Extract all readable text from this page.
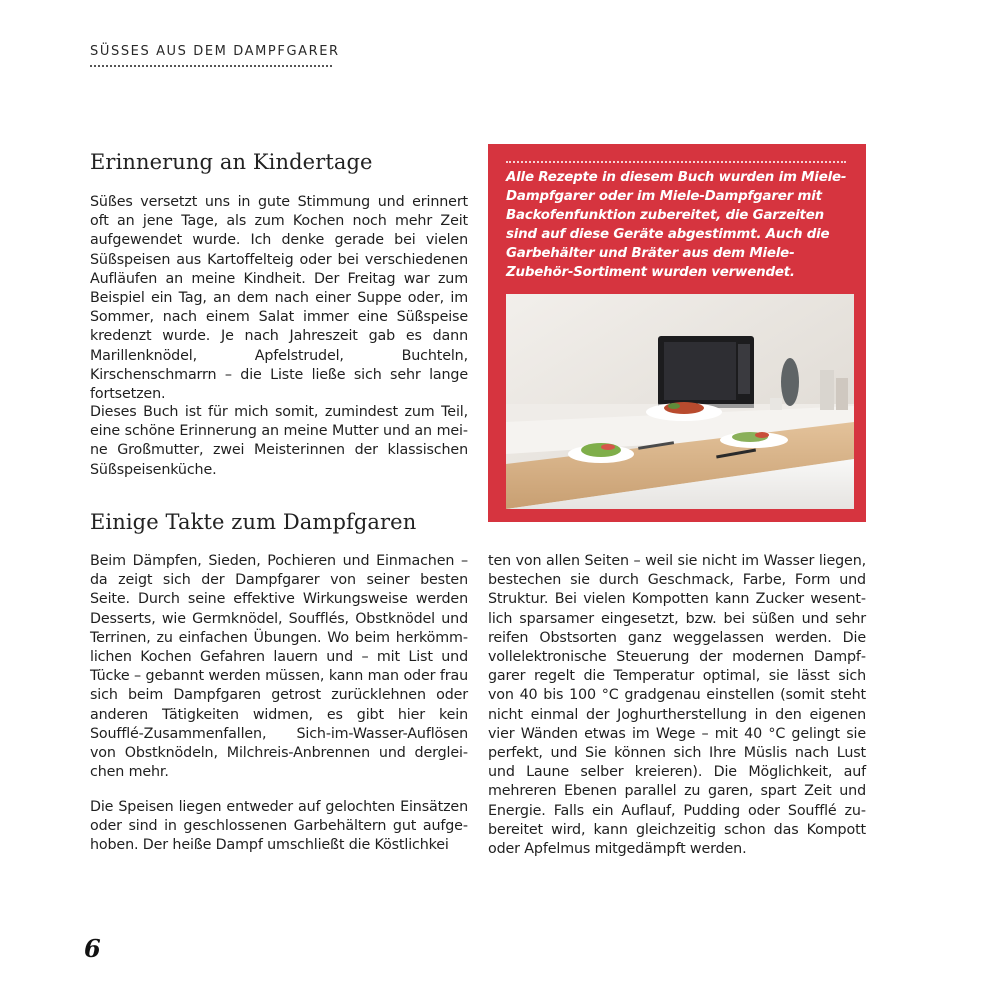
SÜSSES AUS DEM DAMPFGARER

Erinnerung an Kindertage

Süßes versetzt uns in gute Stimmung und erinnert oft an jene Tage, als zum Kochen noch mehr Zeit aufgewendet wurde. Ich denke gerade bei vielen Süßspeisen aus Kartoffelteig oder bei verschiedenen Aufläufen an meine Kindheit. Der Freitag war zum Beispiel ein Tag, an dem nach einer Suppe oder, im Sommer, nach einem Salat immer eine Süßspeise kredenzt wurde. Je nach Jahreszeit gab es dann Marillenknödel, Apfelstrudel, Buchteln, Kirschenschmarrn – die Liste ließe sich sehr lange fortsetzen.

Dieses Buch ist für mich somit, zumindest zum Teil, eine schöne Erinnerung an meine Mutter und an meine Großmutter, zwei Meisterinnen der klassischen Süßspeisenküche.

Alle Rezepte in diesem Buch wurden im Miele-Dampfgarer oder im Miele-Dampfgarer mit Backofenfunktion zubereitet, die Garzeiten sind auf diese Geräte abgestimmt. Auch die Garbehälter und Bräter aus dem Miele-Zubehör-Sortiment wurden verwendet.

Einige Takte zum Dampfgaren

Beim Dämpfen, Sieden, Pochieren und Einmachen – da zeigt sich der Dampfgarer von seiner besten Seite. Durch seine effektive Wirkungsweise werden Desserts, wie Germknödel, Soufflés, Obstknödel und Terrinen, zu einfachen Übungen. Wo beim herkömmlichen Kochen Gefahren lauern und – mit List und Tücke – gebannt werden müssen, kann man oder frau sich beim Dampfgaren getrost zurücklehnen oder anderen Tätigkeiten widmen, es gibt hier kein Soufflé-Zusammenfallen, Sich-im-Wasser-Auflösen von Obstknödeln, Milchreis-Anbrennen und dergleichen mehr.

Die Speisen liegen entweder auf gelochten Einsätzen oder sind in geschlossenen Garbehältern gut aufgehoben. Der heiße Dampf umschließt die Köstlichkei

ten von allen Seiten – weil sie nicht im Wasser liegen, bestechen sie durch Geschmack, Farbe, Form und Struktur. Bei vielen Kompotten kann Zucker wesentlich sparsamer eingesetzt, bzw. bei süßen und sehr reifen Obstsorten ganz weggelassen werden. Die vollelektronische Steuerung der modernen Dampfgarer regelt die Temperatur optimal, sie lässt sich von 40 bis 100 °C gradgenau einstellen (somit steht nicht einmal der Joghurtherstellung in den eigenen vier Wänden etwas im Wege – mit 40 °C gelingt sie perfekt, und Sie können sich Ihre Müslis nach Lust und Laune selber kreieren). Die Möglichkeit, auf mehreren Ebenen parallel zu garen, spart Zeit und Energie. Falls ein Auflauf, Pudding oder Soufflé zubereitet wird, kann gleichzeitig schon das Kompott oder Apfelmus mitgedämpft werden.

6
